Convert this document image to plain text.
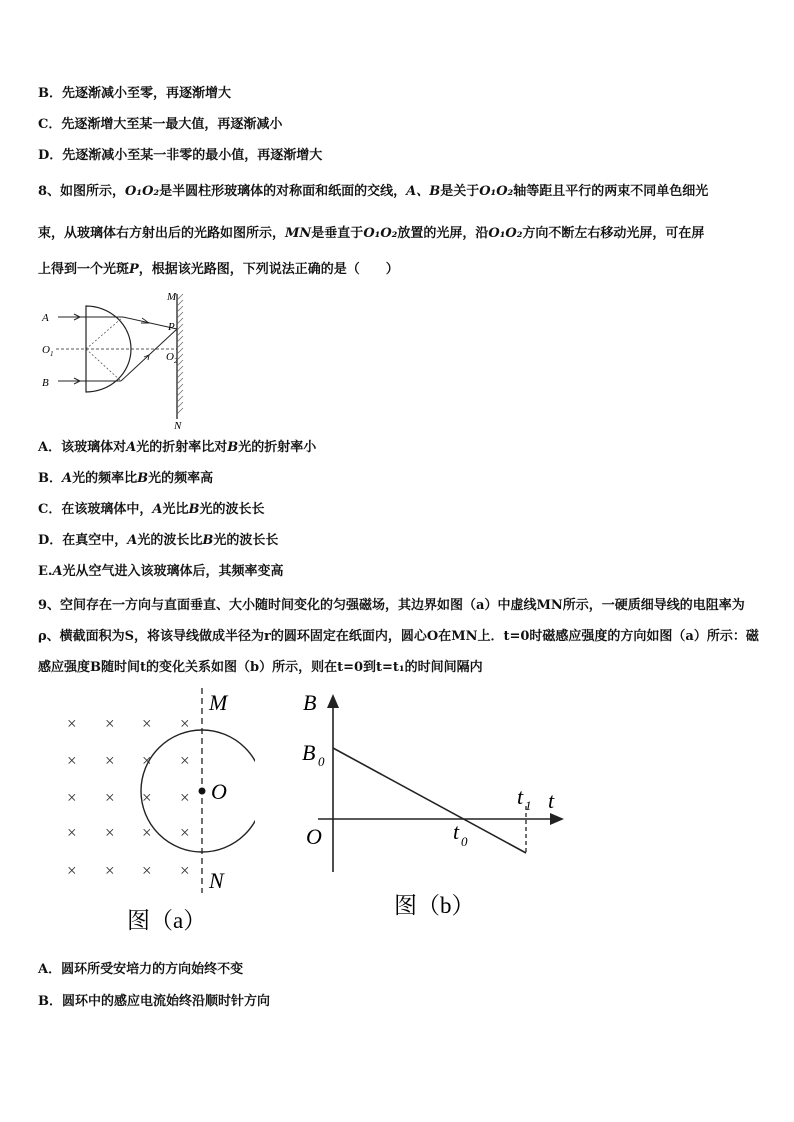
B．先逐渐减小至零，再逐渐增大
C．先逐渐增大至某一最大值，再逐渐减小
D．先逐渐减小至某一非零的最小值，再逐渐增大
8、如图所示，O₁O₂是半圆柱形玻璃体的对称面和纸面的交线，A、B是关于O₁O₂轴等距且平行的两束不同单色细光
束，从玻璃体右方射出后的光路如图所示，MN是垂直于O₁O₂放置的光屏，沿O₁O₂方向不断左右移动光屏，可在屏
上得到一个光斑P，根据该光路图，下列说法正确的是（　　）
M
A
P
O 1	O 2
B
N
A．该玻璃体对A光的折射率比对B光的折射率小
B．A光的频率比B光的频率高
C．在该玻璃体中，A光比B光的波长长
D．在真空中，A光的波长比B光的波长长
E.A光从空气进入该玻璃体后，其频率变高
9、空间存在一方向与直面垂直、大小随时间变化的匀强磁场，其边界如图（a）中虚线MN所示，一硬质细导线的电阻率为ρ、横截面积为S，将该导线做成半径为r的圆环固定在纸面内，圆心O在MN上．t=0时磁感应强度的方向如图（a）所示：磁感应强度B随时间t的变化关系如图（b）所示，则在t=0到t=t₁的时间间隔内
× × × ×
× × × ×
× × × ×
× × × ×
× × × ×
M
O
N
图（a）
B
B 0
t
t 1
t 0
O
图（b）
A．圆环所受安培力的方向始终不变
B．圆环中的感应电流始终沿顺时针方向
